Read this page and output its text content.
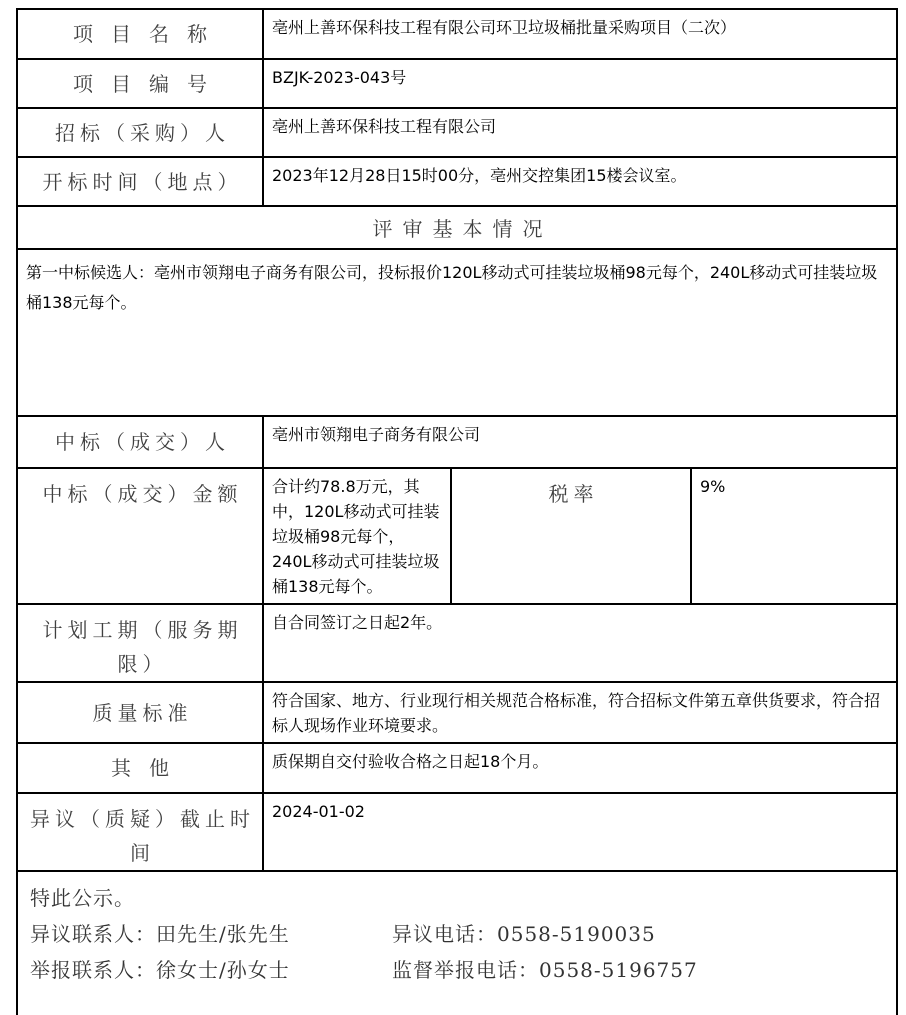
项目名称	亳州上善环保科技工程有限公司环卫垃圾桶批量采购项目（二次）		
项目编号	BZJK-2023-043号		
招标（采购）人	亳州上善环保科技工程有限公司		
开标时间（地点）	2023年12月28日15时00分，亳州交控集团15楼会议室。		
评审基本情况			
第一中标候选人：亳州市领翔电子商务有限公司，投标报价120L移动式可挂装垃圾桶98元每个，240L移动式可挂装垃圾桶138元每个。			
中标（成交）人	亳州市领翔电子商务有限公司		
中标（成交）金额	合计约78.8万元，其中，120L移动式可挂装垃圾桶98元每个，240L移动式可挂装垃圾桶138元每个。	税率	9%
计划工期（服务期限）	自合同签订之日起2年。		
质量标准	符合国家、地方、行业现行相关规范合格标准，符合招标文件第五章供货要求，符合招标人现场作业环境要求。		
其他	质保期自交付验收合格之日起18个月。		
异议（质疑）截止时间	2024-01-02		

特此公示。
异议联系人：田先生/张先生 异议电话：0558-5190035
举报联系人：徐女士/孙女士 监督举报电话：0558-5196757			
